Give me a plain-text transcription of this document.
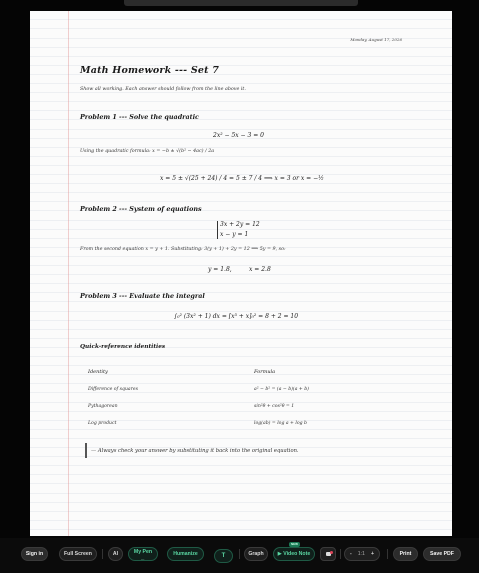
Monday, August 17, 2026
Math Homework --- Set 7
Show all working. Each answer should follow from the line above it.
Problem 1 --- Solve the quadratic
2x² − 5x − 3 = 0
Using the quadratic formula: x = −b ± √(b² − 4ac) / 2a
x = 5 ± √(25 + 24) / 4 = 5 ± 7 / 4 ⟹ x = 3 or x = −½
Problem 2 --- System of equations
3x + 2y = 12
x − y = 1
From the second equation x = y + 1. Substituting: 3(y + 1) + 2y = 12 ⟹ 5y = 9, so:
y = 1.8,	x = 2.8
Problem 3 --- Evaluate the integral
∫₀² (3x² + 1) dx = [x³ + x]₀² = 8 + 2 = 10
Quick-reference identities
Identity	Formula
Difference of squares	a² − b² = (a − b)(a + b)
Pythagorean	sin²θ + cos²θ = 1
Log product	log(ab) = log a + log b
— Always check your answer by substituting it back into the original equation.
Sign in	Full Screen	AI	My Pen
—
Humanize	T	Graph	▶ Video Note
NEW
- 1:1 +	Print	Save PDF
